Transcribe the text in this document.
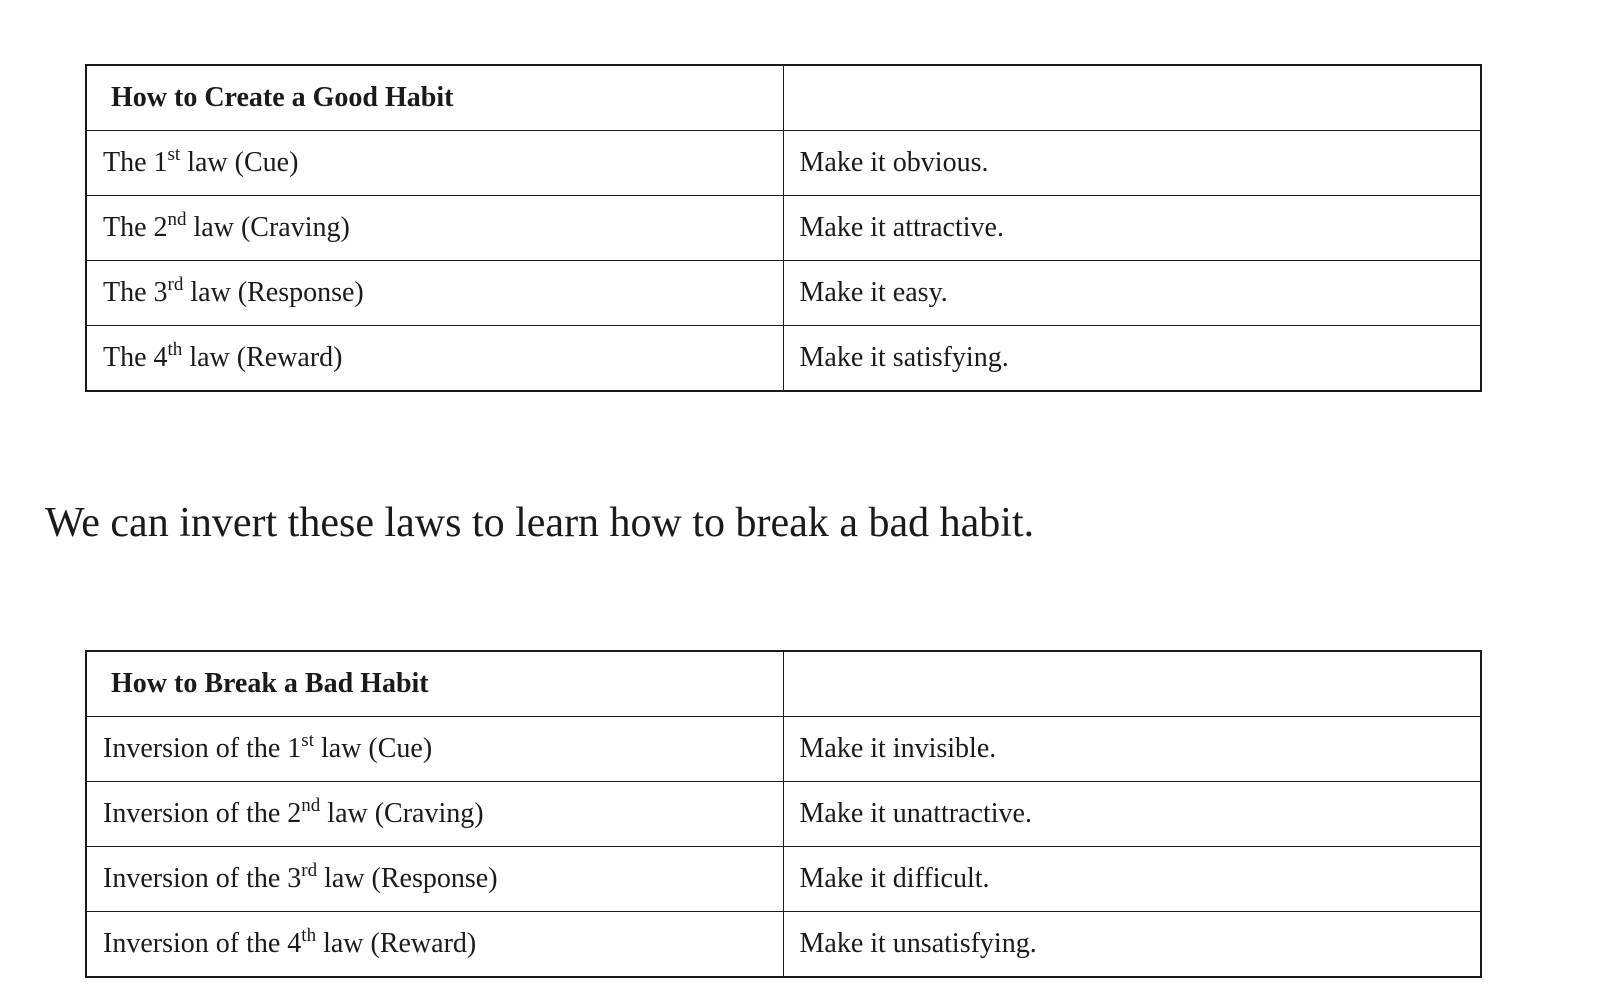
How to Create a Good Habit	
The 1st law (Cue)	Make it obvious.
The 2nd law (Craving)	Make it attractive.
The 3rd law (Response)	Make it easy.
The 4th law (Reward)	Make it satisfying.

We can invert these laws to learn how to break a bad habit.

How to Break a Bad Habit	
Inversion of the 1st law (Cue)	Make it invisible.
Inversion of the 2nd law (Craving)	Make it unattractive.
Inversion of the 3rd law (Response)	Make it difficult.
Inversion of the 4th law (Reward)	Make it unsatisfying.
